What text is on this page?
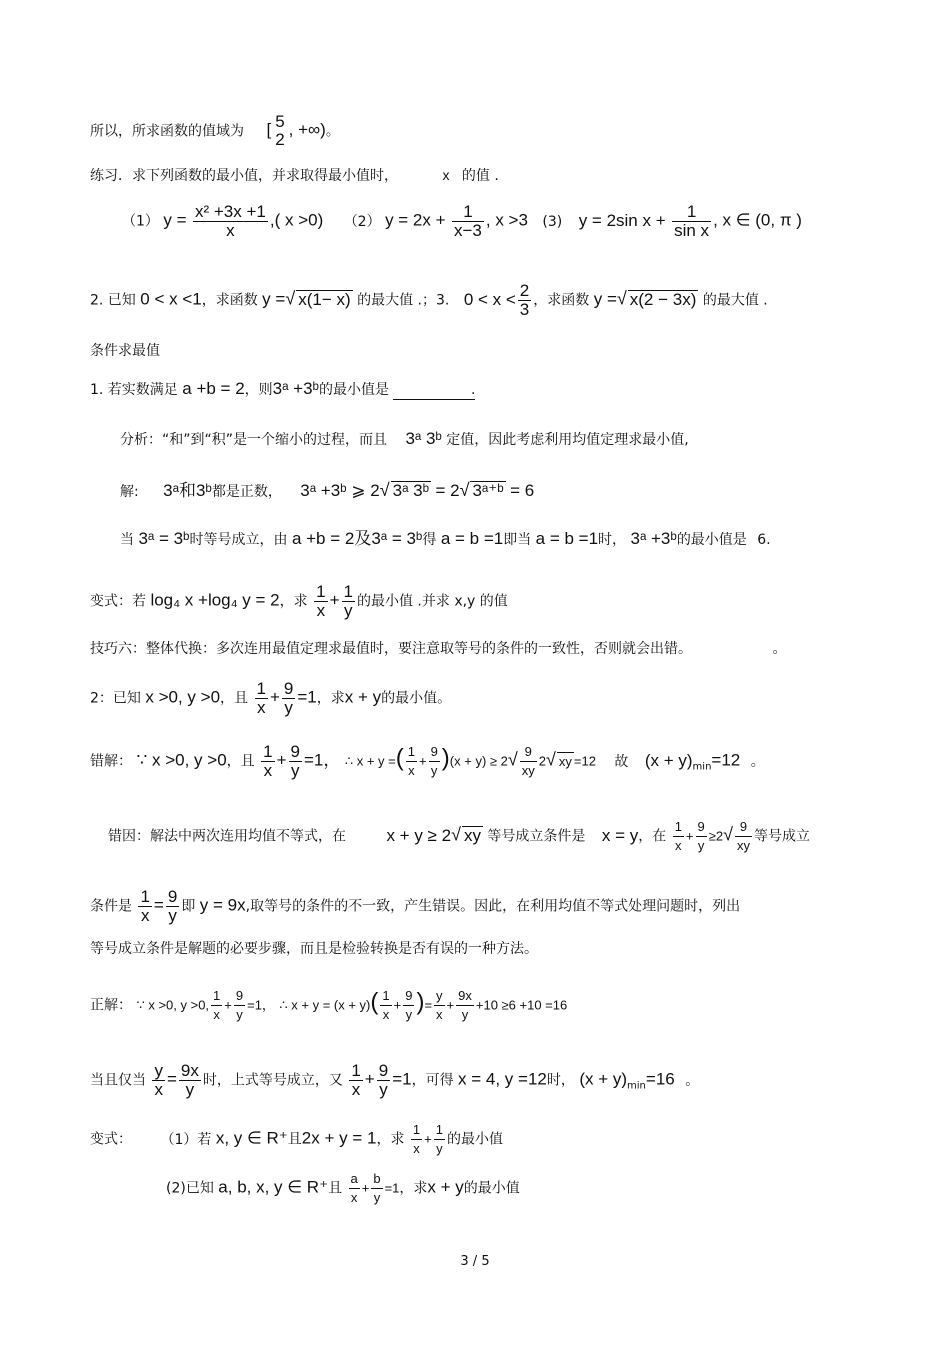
所以，所求函数的值域为 [ 5
2
, +∞)。
练习．求下列函数的最小值，并求取得最小值时，	x 的值 .
（1） $y = \frac{\text{x² +3x +1}}{x}$ ,( x >0) （2） $y = 2x + \frac{1}{x-3}$ , x >3 (3) y = 2sin $x + \frac{1}{\text{sin x}}$ , x ∈ (0, π )
2. 已知 0 < x <1，求函数 y =√ x(1− x) 的最大值 .；3. $0 < x < \frac{2}{3}$ ，求函数 y =√ x(2 − 3x) 的最大值 .
条件求最值
1. 若实数满足 a +b = 2，则3ᵃ +3ᵇ的最小值是	.
分析：“和”到“积”是一个缩小的过程，而且 3ᵃ 3ᵇ 定值，因此考虑利用均值定理求最小值,
解: 3ᵃ和3ᵇ都是正数， 3ᵃ +3ᵇ ⩾ 2√ 3ᵃ 3ᵇ = 2√ 3ᵃ⁺ᵇ = 6
当 3ᵃ = 3ᵇ时等号成立，由 a +b = 2及3ᵃ = 3ᵇ得 a = b =1即当 a = b =1时， 3ᵃ +3ᵇ的最小值是 6.
变式：若 log₄ x +log₄ y = 2，求 $\frac{1}{x} + \frac{1}{y}$ 的最小值 .并求 x,y 的值
技巧六：整体代换：多次连用最值定理求最值时，要注意取等号的条件的一致性，否则就会出错。	。
2：已知 x >0, y >0，且 $\frac{1}{x} + \frac{9}{y} =1$，求x + y的最小值。
错解： ∵ x >0, y >0，且 $\frac{1}{x} + \frac{9}{y} =1$， ∴ x + y =( $\frac{1}{x} + \frac{9}{y} )(x + y) \ge 2√ \frac{9}{xy} 2√$ xy =12 故 $(x + y)_{min}=12$ 。
错因：解法中两次连用均值不等式，在 x + y ≥ 2√ xy 等号成立条件是 x = y，在 $\frac{1}{x} + \frac{9}{y} \ge 2√ \frac{9}{xy}$ 等号成立
条件是 $\frac{1}{x} = \frac{9}{y}$ 即 y = 9x,取等号的条件的不一致，产生错误。因此，在利用均值不等式处理问题时，列出
等号成立条件是解题的必要步骤，而且是检验转换是否有误的一种方法。
正解： ∵ x >0, y >0, $\frac{1}{x} + \frac{9}{y} =1$， ∴ $x + y = (x + y)( \frac{1}{x} + \frac{9}{y}$ )= $\frac{y}{x} + \frac{9x}{y} +10 \ge 6 +10 =16$
当且仅当 $\frac{y}{x} = \frac{9x}{y}$ 时，上式等号成立，又 $\frac{1}{x} + \frac{9}{y} =1$，可得 x = 4, y =12时， $(x + y)_{min}=16$ 。
变式： （1）若 x, y ∈ R⁺且2x + y = 1，求 $\frac{1}{x} + \frac{1}{y}$ 的最小值
(2)已知 a, b, x, y ∈ R⁺且 $\frac{a}{x} + \frac{b}{y} =1$，求x + y的最小值
3 / 5
